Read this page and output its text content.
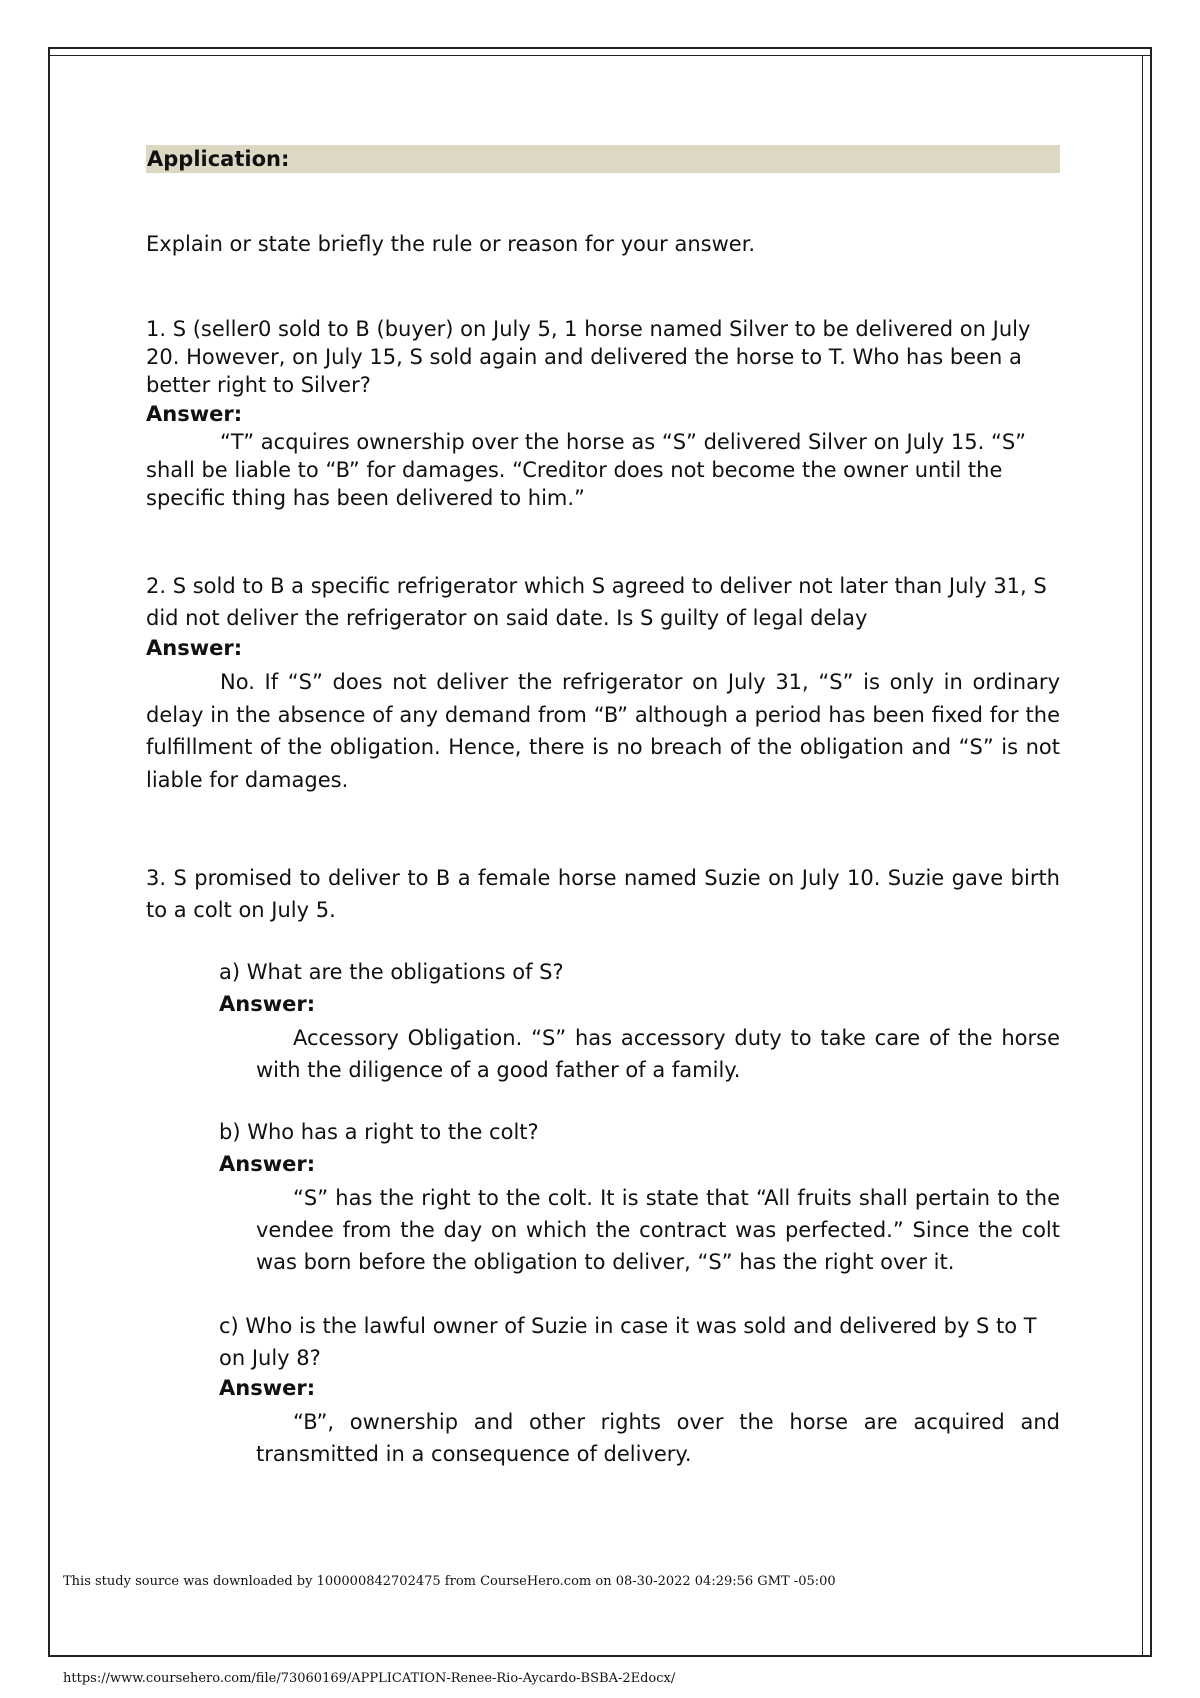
Application:
Explain or state briefly the rule or reason for your answer.
1. S (seller0 sold to B (buyer) on July 5, 1 horse named Silver to be delivered on July 20. However, on July 15, S sold again and delivered the horse to T. Who has been a better right to Silver?
Answer:
“T” acquires ownership over the horse as “S” delivered Silver on July 15. “S” shall be liable to “B” for damages. “Creditor does not become the owner until the specific thing has been delivered to him.”
2. S sold to B a specific refrigerator which S agreed to deliver not later than July 31, S did not deliver the refrigerator on said date. Is S guilty of legal delay
Answer:
No. If “S” does not deliver the refrigerator on July 31, “S” is only in ordinary delay in the absence of any demand from “B” although a period has been fixed for the fulfillment of the obligation. Hence, there is no breach of the obligation and “S” is not liable for damages.
3. S promised to deliver to B a female horse named Suzie on July 10. Suzie gave birth to a colt on July 5.
a) What are the obligations of S?
Answer:
Accessory Obligation. “S” has accessory duty to take care of the horse with the diligence of a good father of a family.
b) Who has a right to the colt?
Answer:
“S” has the right to the colt. It is state that “All fruits shall pertain to the vendee from the day on which the contract was perfected.” Since the colt was born before the obligation to deliver, “S” has the right over it.
c) Who is the lawful owner of Suzie in case it was sold and delivered by S to T on July 8?
Answer:
“B”, ownership and other rights over the horse are acquired and transmitted in a consequence of delivery.
This study source was downloaded by 100000842702475 from CourseHero.com on 08-30-2022 04:29:56 GMT -05:00
https://www.coursehero.com/file/73060169/APPLICATION-Renee-Rio-Aycardo-BSBA-2Edocx/
